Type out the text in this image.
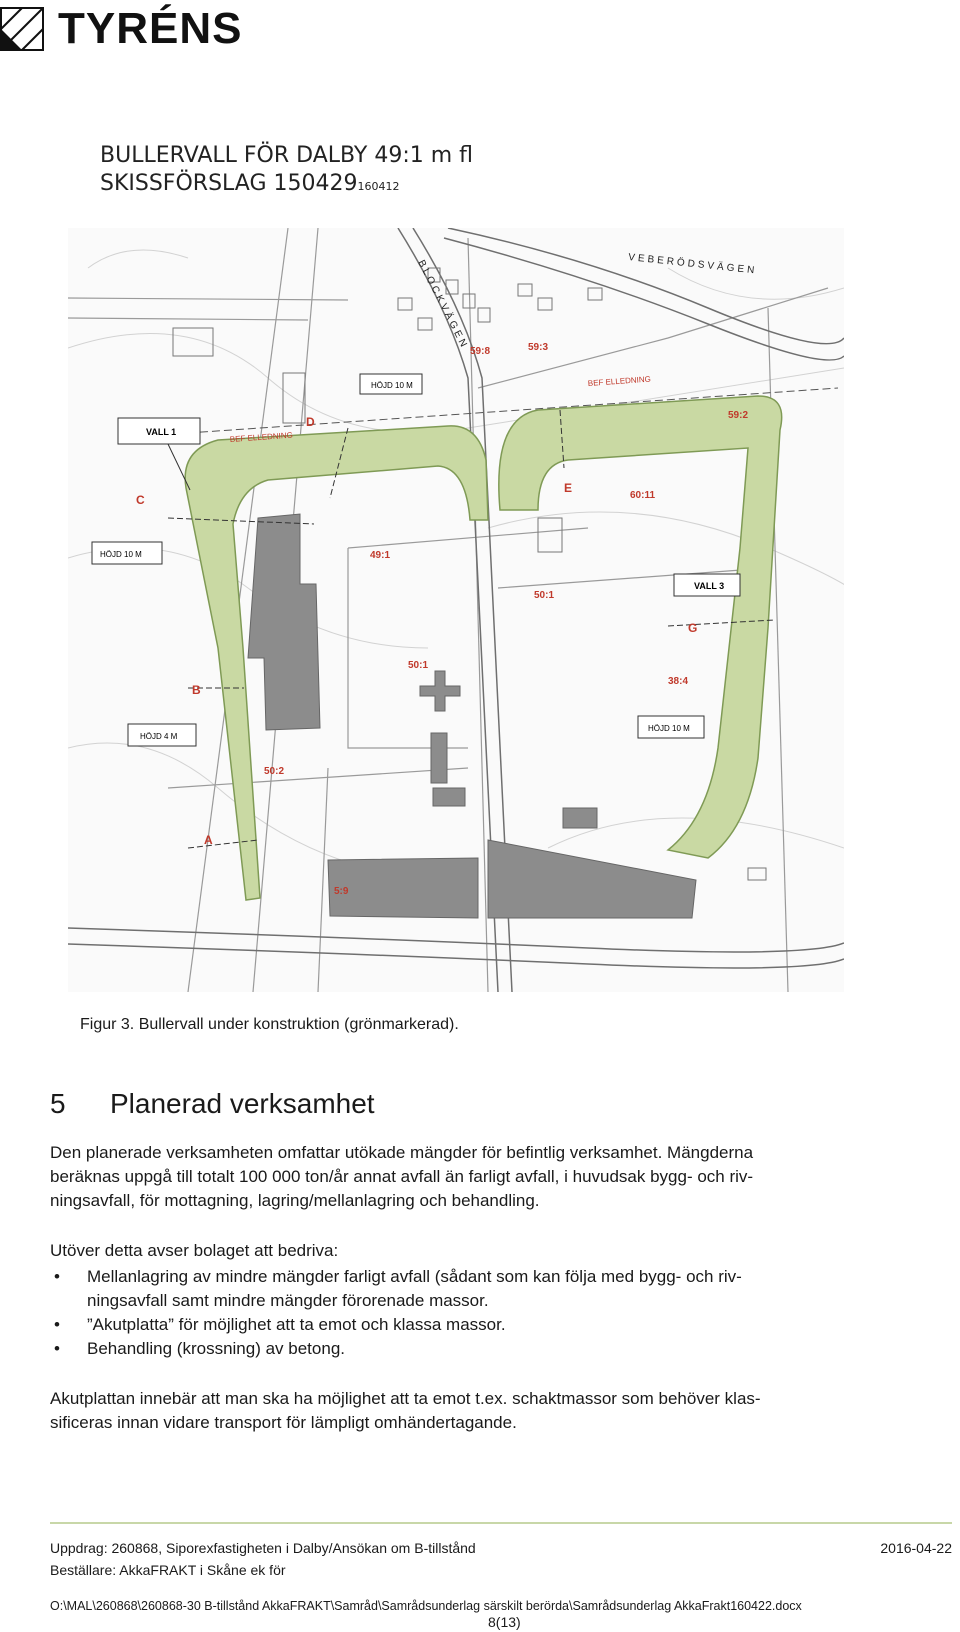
TYRÉNS
BULLERVALL FÖR DALBY 49:1 m fl
SKISSFÖRSLAG 150429160412
VEBERÖDSVÄGEN
BLOCKVÄGEN
BEF ELLEDNING
BEF ELLEDNING
VALL 1
VALL 3
HÖJD 10 M
HÖJD 10 M
HÖJD 4 M
HÖJD 10 M
A
B
C
D
E
G
59:8	59:3
59:2
60:11
49:1
50:1
50:1
38:4
50:2
5:9
Figur 3. Bullervall under konstruktion (grönmarkerad).
5 Planerad verksamhet
Den planerade verksamheten omfattar utökade mängder för befintlig verksamhet. Mängderna
beräknas uppgå till totalt 100 000 ton/år annat avfall än farligt avfall, i huvudsak bygg- och riv-
ningsavfall, för mottagning, lagring/mellanlagring och behandling.
Utöver detta avser bolaget att bedriva:
• Mellanlagring av mindre mängder farligt avfall (sådant som kan följa med bygg- och riv-
ningsavfall samt mindre mängder förorenade massor.
• ”Akutplatta” för möjlighet att ta emot och klassa massor.
• Behandling (krossning) av betong.
Akutplattan innebär att man ska ha möjlighet att ta emot t.ex. schaktmassor som behöver klas-
sificeras innan vidare transport för lämpligt omhändertagande.
Uppdrag: 260868, Siporexfastigheten i Dalby/Ansökan om B-tillstånd	2016-04-22
Beställare: AkkaFRAKT i Skåne ek för
O:\MAL\260868\260868-30 B-tillstånd AkkaFRAKT\Samråd\Samrådsunderlag särskilt berörda\Samrådsunderlag AkkaFrakt160422.docx
8(13)
